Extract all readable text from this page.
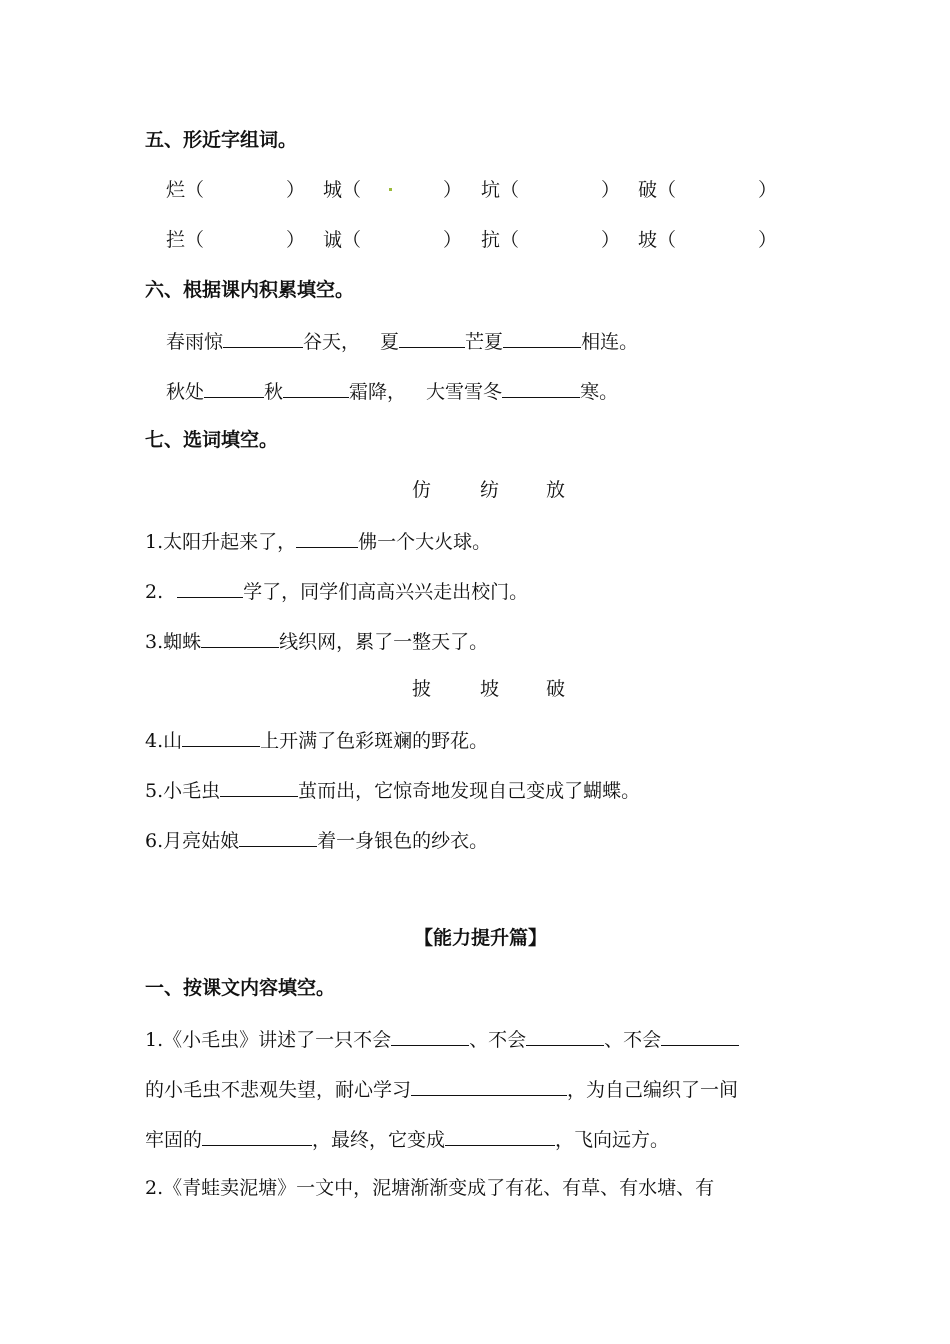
五、形近字组词。
烂（	） 城（	） 坑（	） 破（	）
拦（	） 诚（	） 抗（	） 坡（	）
六、根据课内积累填空。
春雨惊	谷天， 夏	芒夏	相连。
秋处	秋	霜降， 大雪雪冬	寒。
七、选词填空。
仿	纺 放
1.太阳升起来了，	佛一个大火球。
2.	学了，同学们高高兴兴走出校门。
3.蜘蛛	线织网，累了一整天了。
披	坡 破
4.山	上开满了色彩斑斓的野花。
5.小毛虫	茧而出，它惊奇地发现自己变成了蝴蝶。
6.月亮姑娘	着一身银色的纱衣。
【能力提升篇】
一、按课文内容填空。
1.《小毛虫》讲述了一只不会	、不会	、不会
的小毛虫不悲观失望，耐心学习	，为自己编织了一间
牢固的	，最终，它变成	，飞向远方。
2.《青蛙卖泥塘》一文中，泥塘渐渐变成了有花、有草、有水塘、有
